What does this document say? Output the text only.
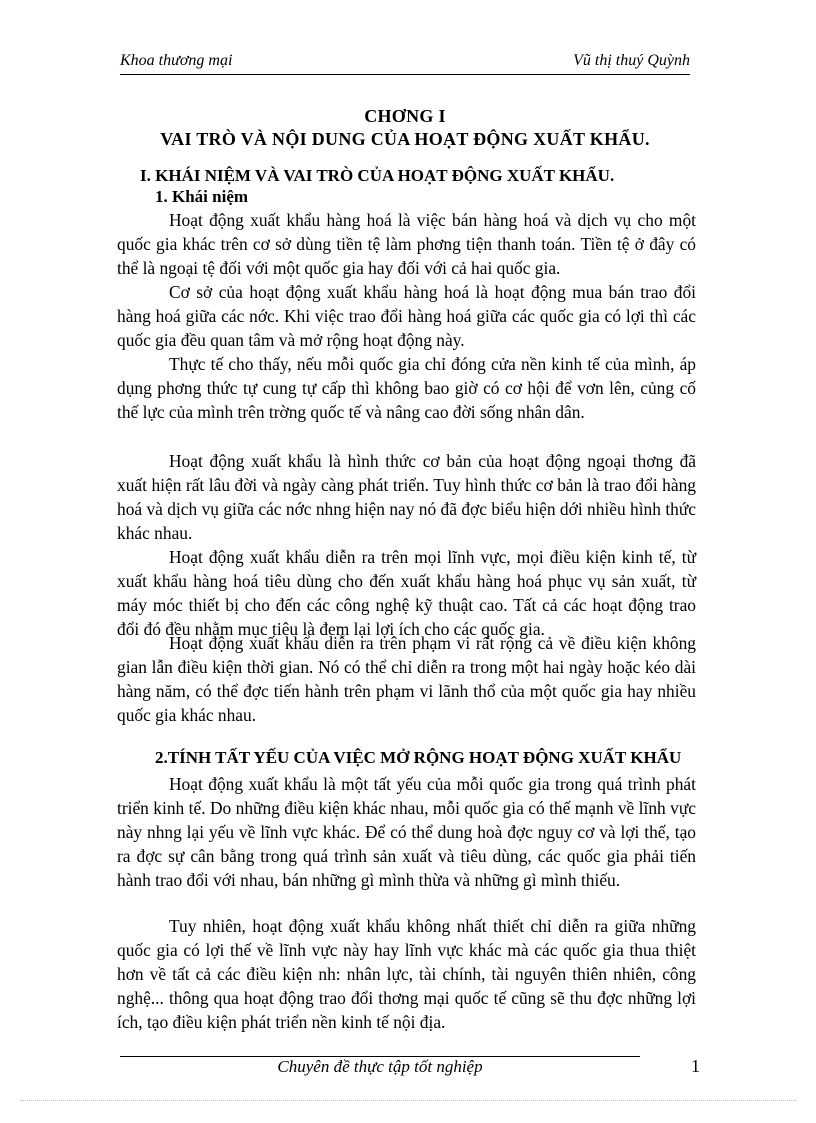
Khoa thương mại	Vũ thị thuý Quỳnh
CHƠNG I
VAI TRÒ VÀ NỘI DUNG CỦA HOẠT ĐỘNG XUẤT KHẨU.
I. KHÁI NIỆM VÀ VAI TRÒ CỦA HOẠT ĐỘNG XUẤT KHẨU.
1. Khái niệm

Hoạt động xuất khẩu hàng hoá là việc bán hàng hoá và dịch vụ cho một quốc gia khác trên cơ sở dùng tiền tệ làm phơng tiện thanh toán. Tiền tệ ở đây có thể là ngoại tệ đối với một quốc gia hay đối với cả hai quốc gia.

Cơ sở của hoạt động xuất khẩu hàng hoá là hoạt động mua bán trao đổi hàng hoá giữa các nớc. Khi việc trao đổi hàng hoá giữa các quốc gia có lợi thì các quốc gia đều quan tâm và mở rộng hoạt động này.

Thực tế cho thấy, nếu mỗi quốc gia chỉ đóng cửa nền kinh tế của mình, áp dụng phơng thức tự cung tự cấp thì không bao giờ có cơ hội để vơn lên, củng cố thế lực của mình trên trờng quốc tế và nâng cao đời sống nhân dân.

Hoạt động xuất khẩu là hình thức cơ bản của hoạt động ngoại thơng đã xuất hiện rất lâu đời và ngày càng phát triển. Tuy hình thức cơ bản là trao đổi hàng hoá và dịch vụ giữa các nớc nhng hiện nay nó đã đợc biểu hiện dới nhiều hình thức khác nhau.

Hoạt động xuất khẩu diễn ra trên mọi lĩnh vực, mọi điều kiện kinh tế, từ xuất khẩu hàng hoá tiêu dùng cho đến xuất khẩu hàng hoá phục vụ sản xuất, từ máy móc thiết bị cho đến các công nghệ kỹ thuật cao. Tất cả các hoạt động trao đổi đó đều nhằm mục tiêu là đem lại lợi ích cho các quốc gia.

Hoạt động xuất khẩu diễn ra trên phạm vi rất rộng cả về điều kiện không gian lẫn điều kiện thời gian. Nó có thể chỉ diễn ra trong một hai ngày hoặc kéo dài hàng năm, có thể đợc tiến hành trên phạm vi lãnh thổ của một quốc gia hay nhiều quốc gia khác nhau.

2.TÍNH TẤT YẾU CỦA VIỆC MỞ RỘNG HOẠT ĐỘNG XUẤT KHẨU

Hoạt động xuất khẩu là một tất yếu của mỗi quốc gia trong quá trình phát triển kinh tế. Do những điều kiện khác nhau, mỗi quốc gia có thế mạnh về lĩnh vực này nhng lại yếu về lĩnh vực khác. Để có thể dung hoà đợc nguy cơ và lợi thế, tạo ra đợc sự cân bằng trong quá trình sản xuất và tiêu dùng, các quốc gia phải tiến hành trao đổi với nhau, bán những gì mình thừa và những gì mình thiếu.

Tuy nhiên, hoạt động xuất khẩu không nhất thiết chỉ diễn ra giữa những quốc gia có lợi thế về lĩnh vực này hay lĩnh vực khác mà các quốc gia thua thiệt hơn về tất cả các điều kiện nh: nhân lực, tài chính, tài nguyên thiên nhiên, công nghệ... thông qua hoạt động trao đổi thơng mại quốc tế cũng sẽ thu đợc những lợi ích, tạo điều kiện phát triển nền kinh tế nội địa.

Chuyên đề thực tập tốt nghiệp	1
